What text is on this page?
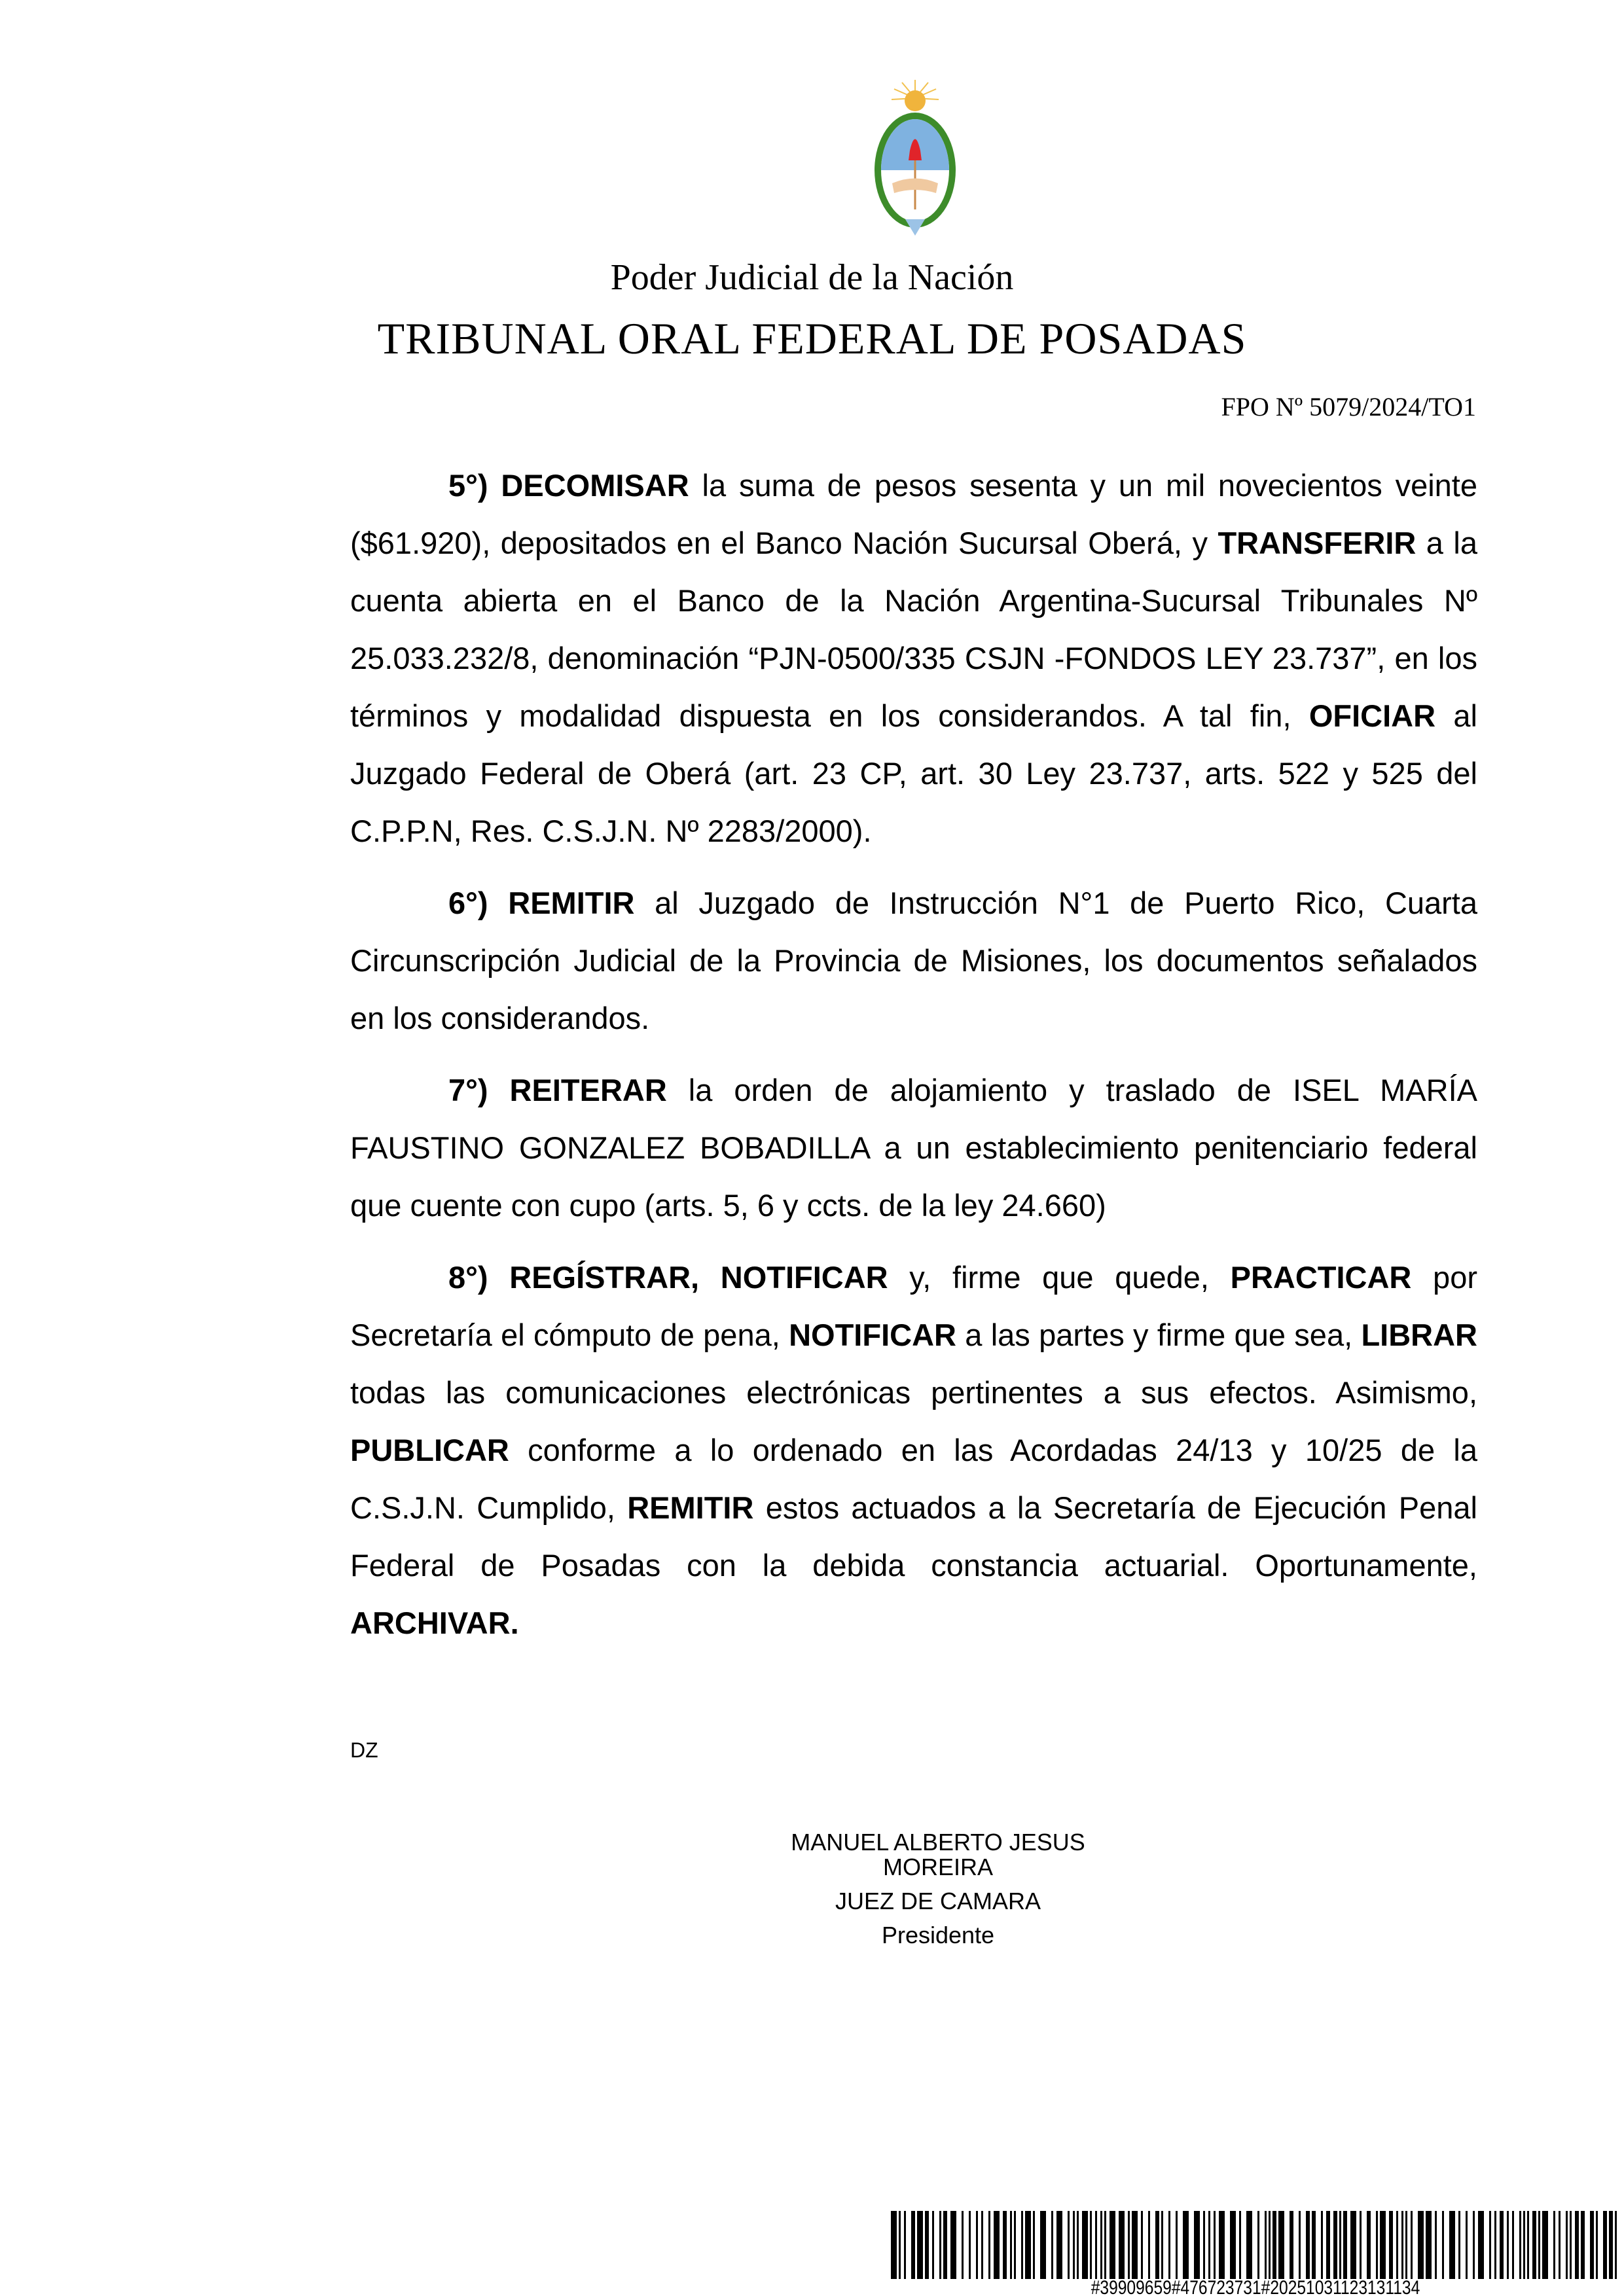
Poder Judicial de la Nación
TRIBUNAL ORAL FEDERAL DE POSADAS
FPO Nº 5079/2024/TO1

5°) DECOMISAR la suma de pesos sesenta y un mil novecientos veinte ($61.920), depositados en el Banco Nación Sucursal Oberá, y TRANSFERIR a la cuenta abierta en el Banco de la Nación Argentina-Sucursal Tribunales Nº 25.033.232/8, denominación “PJN-0500/335 CSJN -FONDOS LEY 23.737”, en los términos y modalidad dispuesta en los considerandos. A tal fin, OFICIAR al Juzgado Federal de Oberá (art. 23 CP, art. 30 Ley 23.737, arts. 522 y 525 del C.P.P.N, Res. C.S.J.N. Nº 2283/2000).

6°) REMITIR al Juzgado de Instrucción N°1 de Puerto Rico, Cuarta Circunscripción Judicial de la Provincia de Misiones, los documentos señalados en los considerandos.

7°) REITERAR la orden de alojamiento y traslado de ISEL MARÍA FAUSTINO GONZALEZ BOBADILLA a un establecimiento penitenciario federal que cuente con cupo (arts. 5, 6 y ccts. de la ley 24.660)

8°) REGÍSTRAR, NOTIFICAR y, firme que quede, PRACTICAR por Secretaría el cómputo de pena, NOTIFICAR a las partes y firme que sea, LIBRAR todas las comunicaciones electrónicas pertinentes a sus efectos. Asimismo, PUBLICAR conforme a lo ordenado en las Acordadas 24/13 y 10/25 de la C.S.J.N. Cumplido, REMITIR estos actuados a la Secretaría de Ejecución Penal Federal de Posadas con la debida constancia actuarial. Oportunamente, ARCHIVAR.

DZ
MANUEL ALBERTO JESUS
MOREIRA
JUEZ DE CAMARA
Presidente
#39909659#476723731#20251031123131134
